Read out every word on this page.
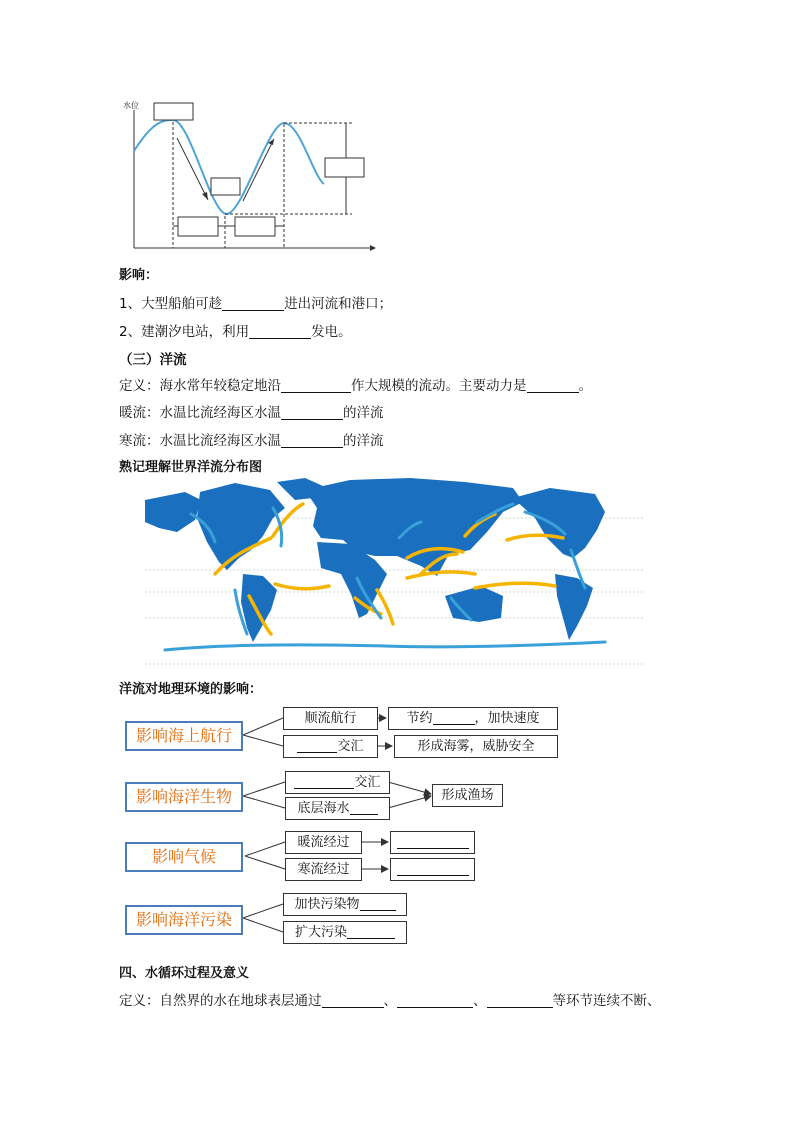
水位
影响：
1、大型船舶可趁	进出河流和港口；
2、建潮汐电站，利用	发电。
（三）洋流
定义：海水常年较稳定地沿	作大规模的流动。主要动力是	。
暖流：水温比流经海区水温	的洋流
寒流：水温比流经海区水温	的洋流
熟记理解世界洋流分布图
洋流对地理环境的影响：
影响海上航行
顺流航行
交汇
节约	，加快速度
形成海雾，威胁安全
影响海洋生物
交汇
底层海水
形成渔场
影响气候
暖流经过
寒流经过
影响海洋污染
加快污染物
扩大污染
四、水循环过程及意义
定义：自然界的水在地球表层通过	、	、	等环节连续不断、
